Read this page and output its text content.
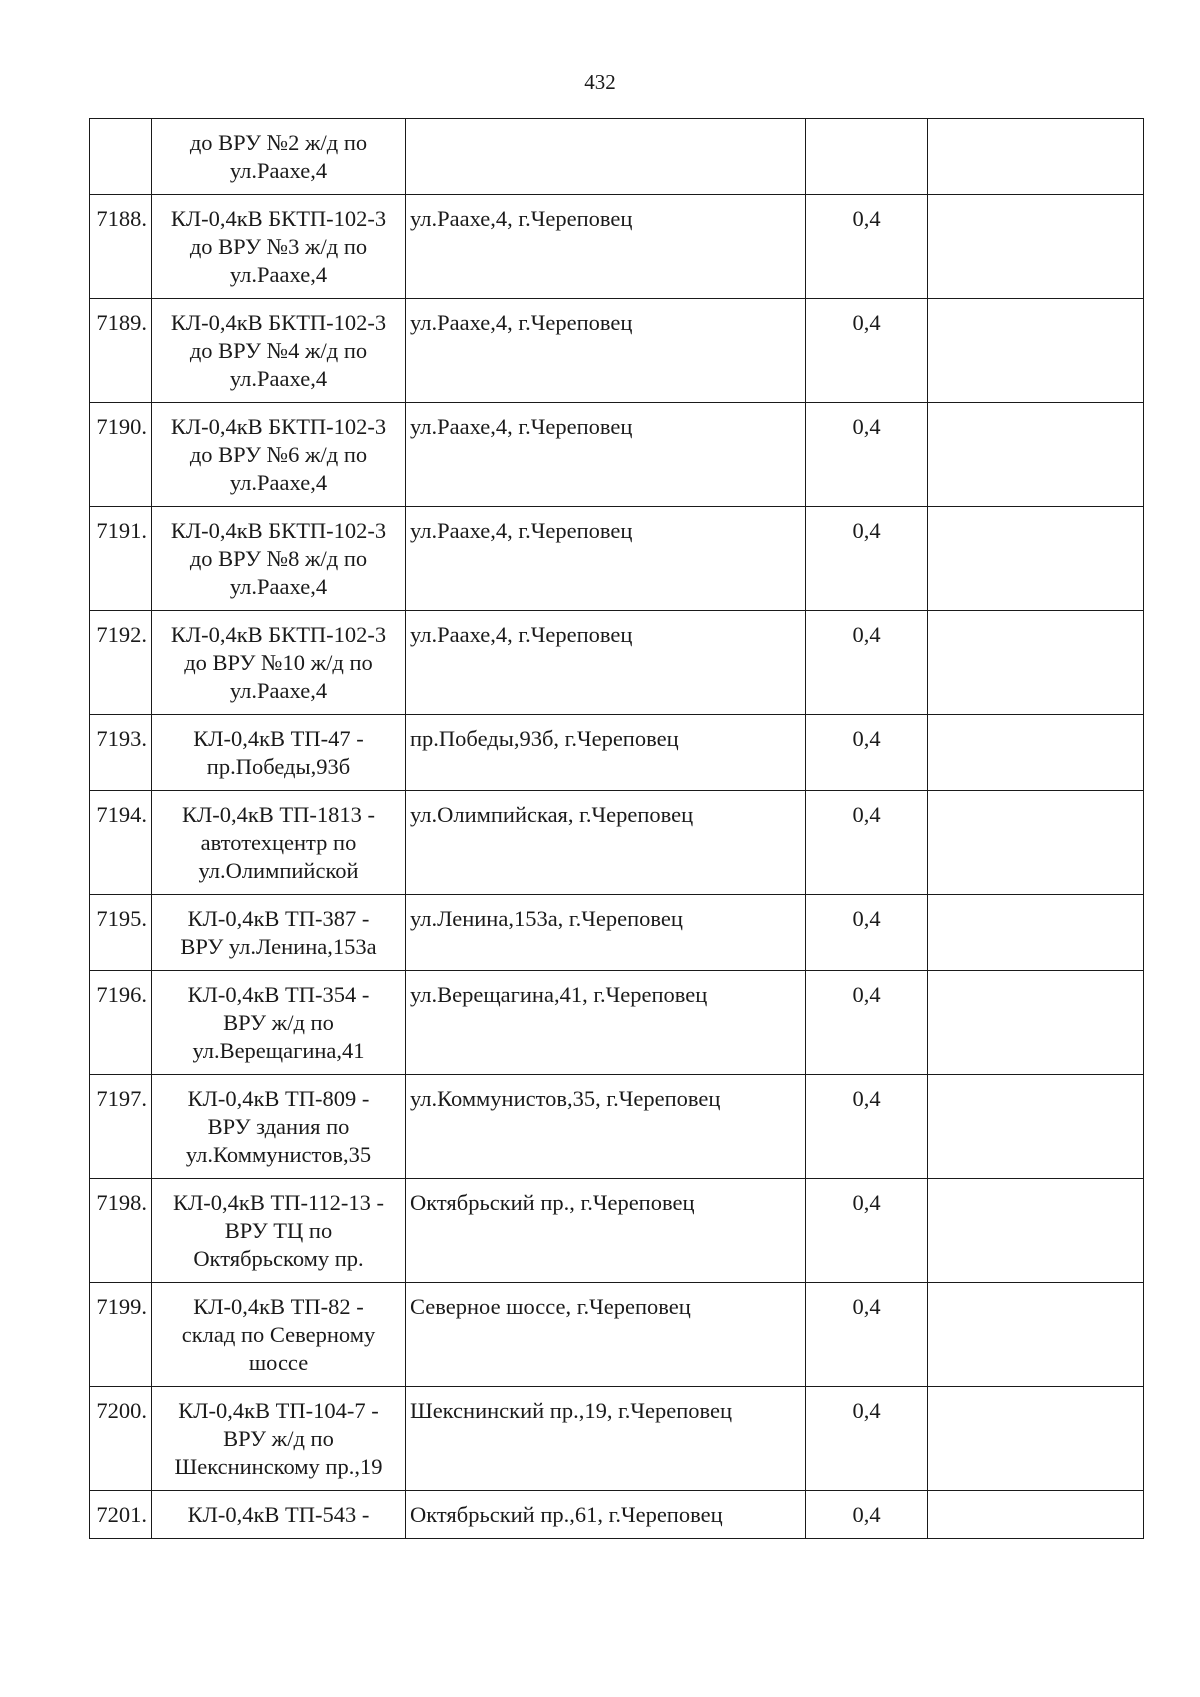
432

	до ВРУ №2 ж/д по
ул.Раахе,4			

7188.	КЛ-0,4кВ БКТП-102-3
до ВРУ №3 ж/д по
ул.Раахе,4	ул.Раахе,4, г.Череповец	0,4	
7189.	КЛ-0,4кВ БКТП-102-3
до ВРУ №4 ж/д по
ул.Раахе,4	ул.Раахе,4, г.Череповец	0,4	
7190.	КЛ-0,4кВ БКТП-102-3
до ВРУ №6 ж/д по
ул.Раахе,4	ул.Раахе,4, г.Череповец	0,4	
7191.	КЛ-0,4кВ БКТП-102-3
до ВРУ №8 ж/д по
ул.Раахе,4	ул.Раахе,4, г.Череповец	0,4	
7192.	КЛ-0,4кВ БКТП-102-3
до ВРУ №10 ж/д по
ул.Раахе,4	ул.Раахе,4, г.Череповец	0,4	
7193.	КЛ-0,4кВ ТП-47 -
пр.Победы,93б	пр.Победы,93б, г.Череповец	0,4	
7194.	КЛ-0,4кВ ТП-1813 -
автотехцентр по
ул.Олимпийской	ул.Олимпийская, г.Череповец	0,4	
7195.	КЛ-0,4кВ ТП-387 -
ВРУ ул.Ленина,153а	ул.Ленина,153а, г.Череповец	0,4	
7196.	КЛ-0,4кВ ТП-354 -
ВРУ ж/д по
ул.Верещагина,41	ул.Верещагина,41, г.Череповец	0,4	
7197.	КЛ-0,4кВ ТП-809 -
ВРУ здания по
ул.Коммунистов,35	ул.Коммунистов,35, г.Череповец	0,4	
7198.	КЛ-0,4кВ ТП-112-13 -
ВРУ ТЦ по
Октябрьскому пр.	Октябрьский пр., г.Череповец	0,4	
7199.	КЛ-0,4кВ ТП-82 -
склад по Северному
шоссе	Северное шоссе, г.Череповец	0,4	
7200.	КЛ-0,4кВ ТП-104-7 -
ВРУ ж/д по
Шекснинскому пр.,19	Шекснинский пр.,19, г.Череповец	0,4	
7201.	КЛ-0,4кВ ТП-543 -	Октябрьский пр.,61, г.Череповец	0,4	
